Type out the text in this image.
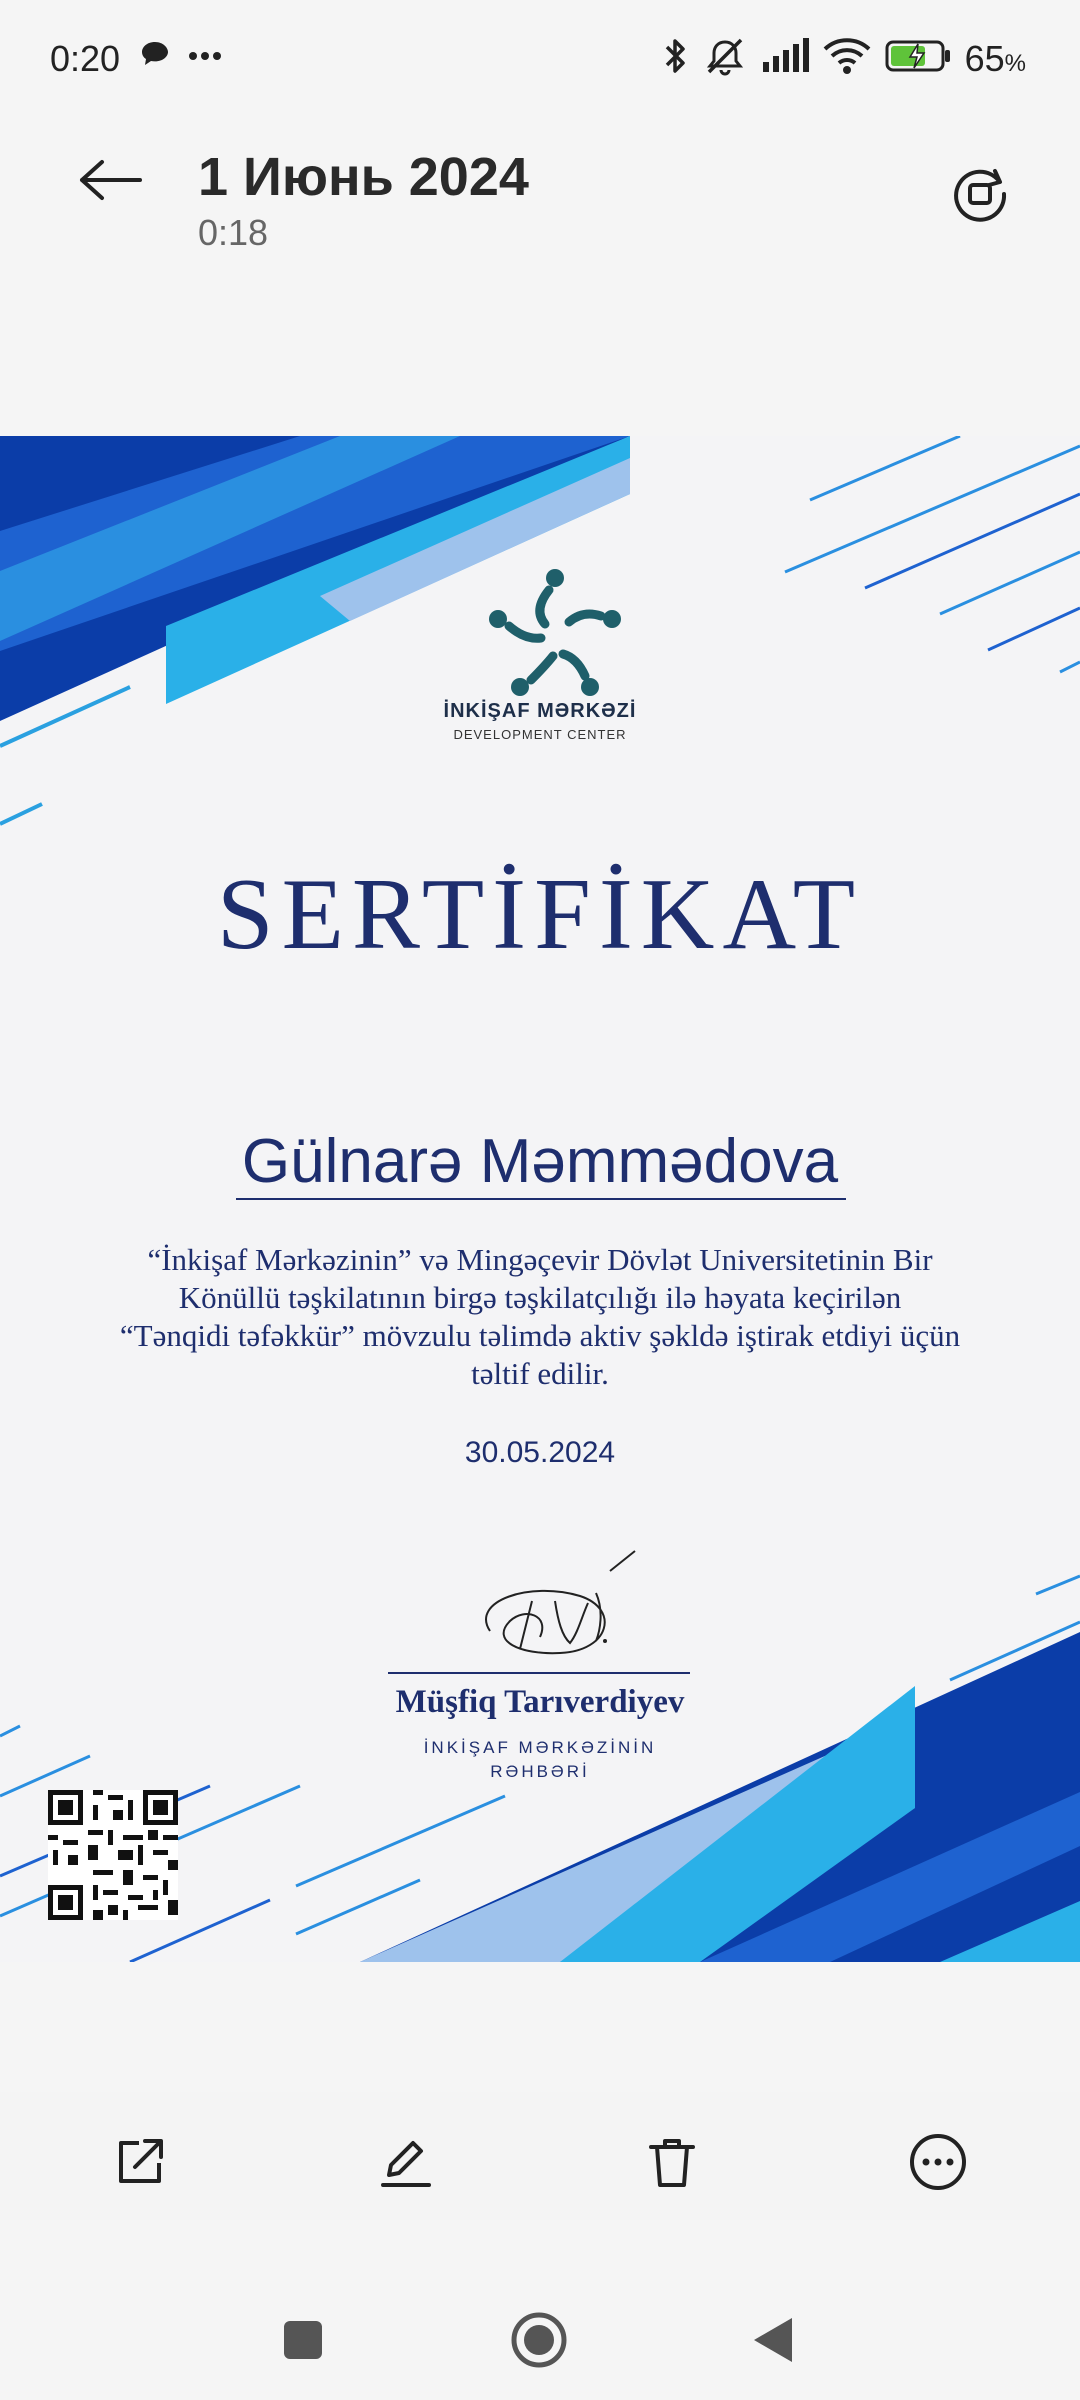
0:20	65%
1 Июнь 2024
0:18
İNKİŞAF MƏRKƏZİ
DEVELOPMENT CENTER
SERTİFİKAT
Gülnarə Məmmədova
“İnkişaf Mərkəzinin” və Mingəçevir Dövlət Universitetinin Bir
Könüllü təşkilatının birgə təşkilatçılığı ilə həyata keçirilən
“Tənqidi təfəkkür” mövzulu təlimdə aktiv şəkldə iştirak etdiyi üçün
təltif edilir.
30.05.2024
Müşfiq Tarıverdiyev
İNKİŞAF MƏRKƏZİNİN
RƏHBƏRİ
